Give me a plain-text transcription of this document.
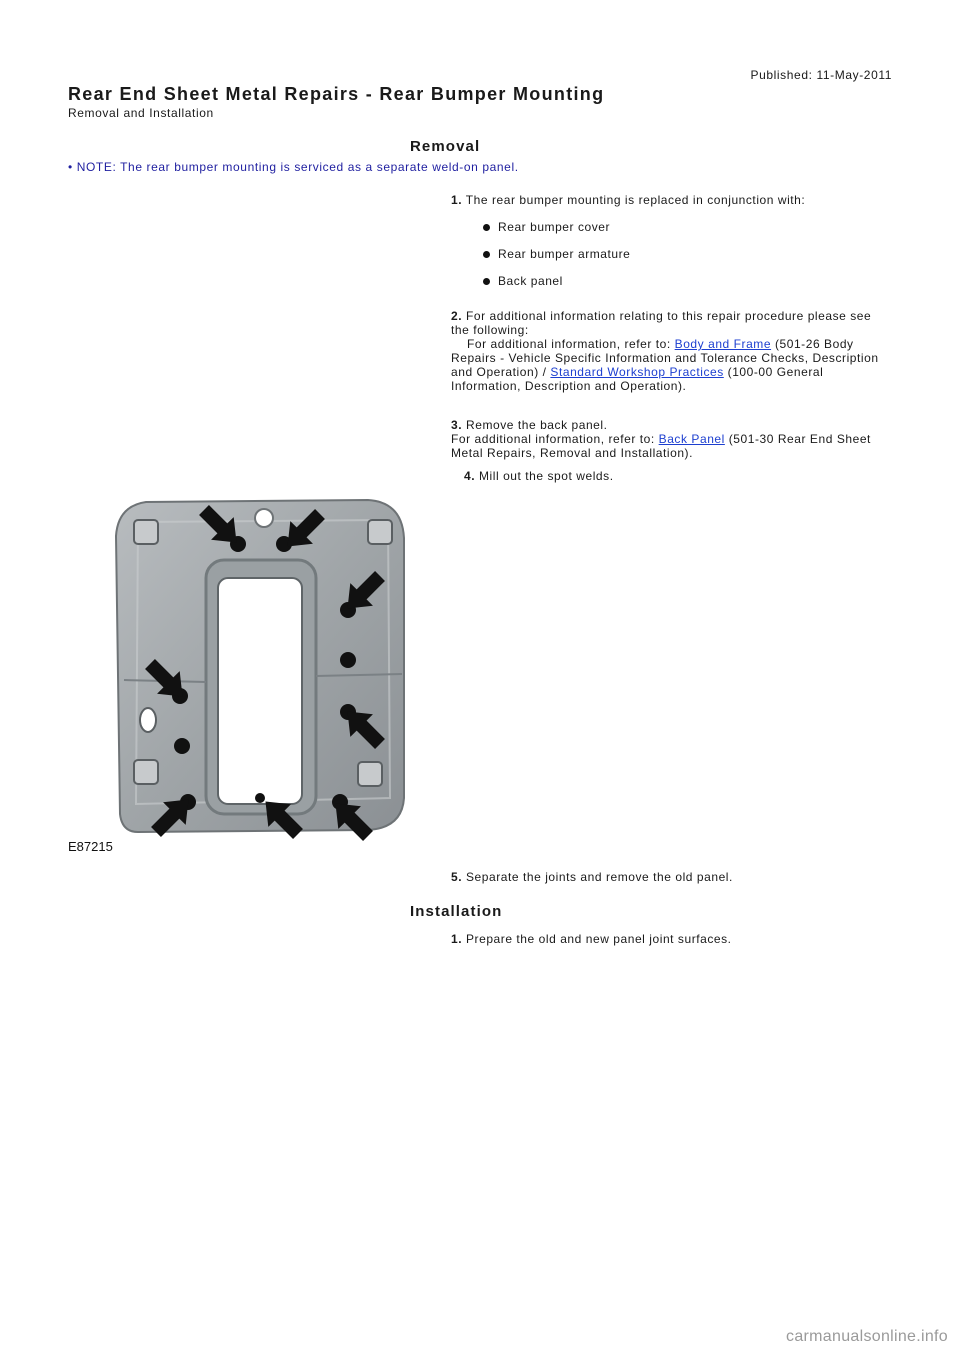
Published: 11-May-2011
Rear End Sheet Metal Repairs - Rear Bumper Mounting
Removal and Installation
Removal
• NOTE: The rear bumper mounting is serviced as a separate weld-on panel.
1. The rear bumper mounting is replaced in conjunction with:
Rear bumper cover
Rear bumper armature
Back panel
2. For additional information relating to this repair procedure please see the following:
For additional information, refer to: Body and Frame (501-26 Body Repairs - Vehicle Specific Information and Tolerance Checks, Description and Operation) / Standard Workshop Practices (100-00 General Information, Description and Operation).
3. Remove the back panel.
For additional information, refer to: Back Panel (501-30 Rear End Sheet Metal Repairs, Removal and Installation).
4. Mill out the spot welds.
E87215
5. Separate the joints and remove the old panel.
Installation
1. Prepare the old and new panel joint surfaces.
carmanualsonline.info
